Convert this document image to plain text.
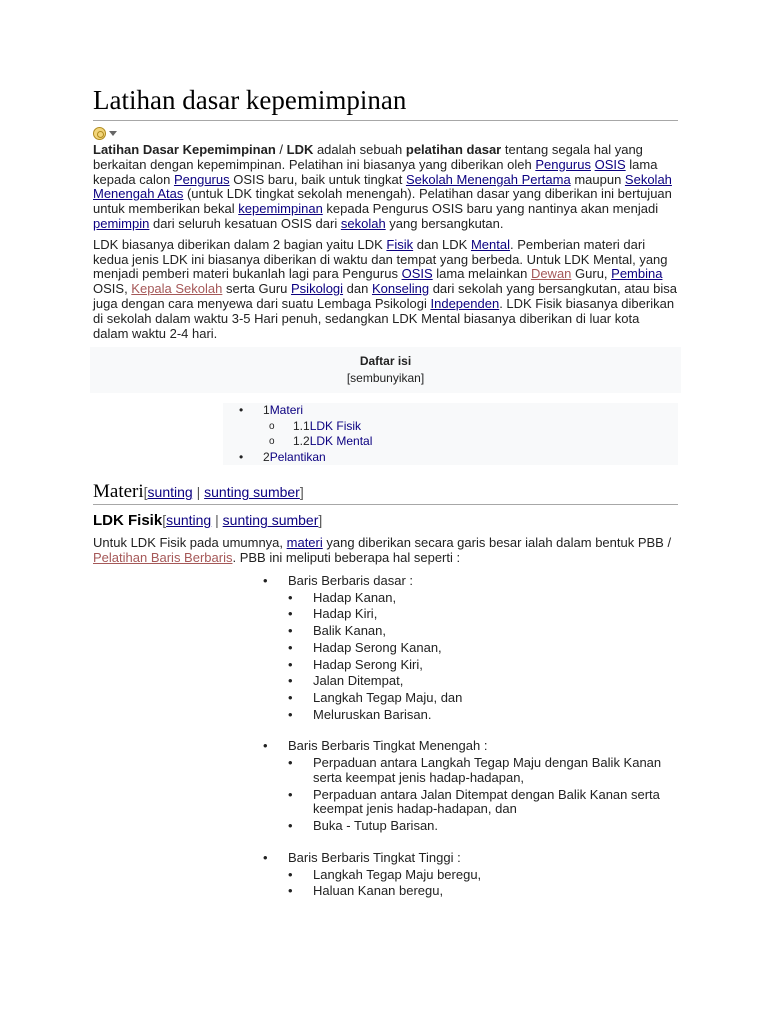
Latihan dasar kepemimpinan

Latihan Dasar Kepemimpinan / LDK adalah sebuah pelatihan dasar tentang segala hal yang berkaitan dengan kepemimpinan. Pelatihan ini biasanya yang diberikan oleh Pengurus OSIS lama kepada calon Pengurus OSIS baru, baik untuk tingkat Sekolah Menengah Pertama maupun Sekolah Menengah Atas (untuk LDK tingkat sekolah menengah). Pelatihan dasar yang diberikan ini bertujuan untuk memberikan bekal kepemimpinan kepada Pengurus OSIS baru yang nantinya akan menjadi pemimpin dari seluruh kesatuan OSIS dari sekolah yang bersangkutan.

LDK biasanya diberikan dalam 2 bagian yaitu LDK Fisik dan LDK Mental. Pemberian materi dari kedua jenis LDK ini biasanya diberikan di waktu dan tempat yang berbeda. Untuk LDK Mental, yang menjadi pemberi materi bukanlah lagi para Pengurus OSIS lama melainkan Dewan Guru, Pembina OSIS, Kepala Sekolah serta Guru Psikologi dan Konseling dari sekolah yang bersangkutan, atau bisa juga dengan cara menyewa dari suatu Lembaga Psikologi Independen. LDK Fisik biasanya diberikan di sekolah dalam waktu 3-5 Hari penuh, sedangkan LDK Mental biasanya diberikan di luar kota dalam waktu 2-4 hari.

Daftar isi
[sembunyikan]
• 1Materi
o 1.1LDK Fisik
o 1.2LDK Mental
• 2Pelantikan
Materi[sunting | sunting sumber]
LDK Fisik[sunting | sunting sumber]

Untuk LDK Fisik pada umumnya, materi yang diberikan secara garis besar ialah dalam bentuk PBB / Pelatihan Baris Berbaris. PBB ini meliputi beberapa hal seperti :

• Baris Berbaris dasar :
• Hadap Kanan,
• Hadap Kiri,
• Balik Kanan,
• Hadap Serong Kanan,
• Hadap Serong Kiri,
• Jalan Ditempat,
• Langkah Tegap Maju, dan
• Meluruskan Barisan.
• Baris Berbaris Tingkat Menengah :
• Perpaduan antara Langkah Tegap Maju dengan Balik Kanan serta keempat jenis hadap-hadapan,
• Perpaduan antara Jalan Ditempat dengan Balik Kanan serta keempat jenis hadap-hadapan, dan
• Buka - Tutup Barisan.
• Baris Berbaris Tingkat Tinggi :
• Langkah Tegap Maju beregu,
• Haluan Kanan beregu,
